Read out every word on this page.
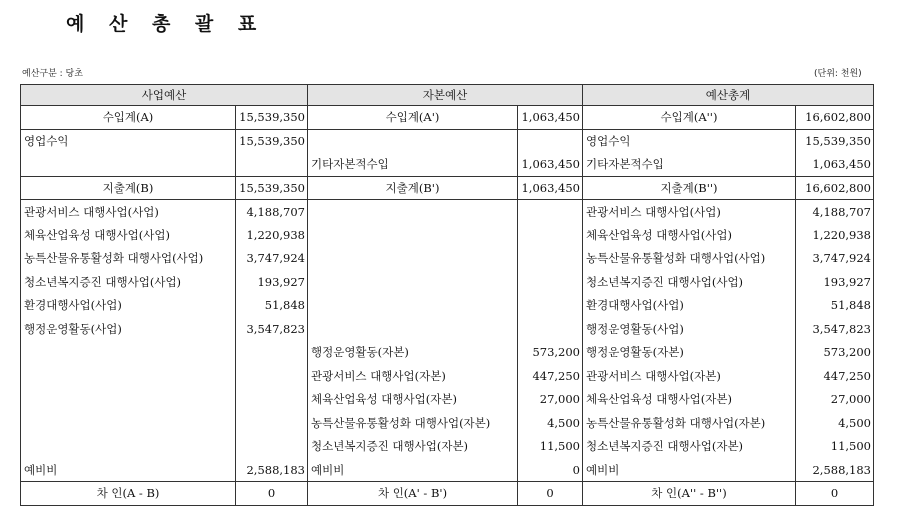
예 산 총 괄 표
예산구분 : 당초	(단위: 천원)
사업예산		자본예산		예산총계	
수입계(A)	15,539,350	수입계(A')	1,063,450	수입계(A'')	16,602,800
영업수익	15,539,350			영업수익	15,539,350
		기타자본적수입	1,063,450	기타자본적수입	1,063,450
지출계(B)	15,539,350	지출계(B')	1,063,450	지출계(B'')	16,602,800
관광서비스 대행사업(사업)	4,188,707			관광서비스 대행사업(사업)	4,188,707
체육산업육성 대행사업(사업)	1,220,938			체육산업육성 대행사업(사업)	1,220,938
농특산물유통활성화 대행사업(사업)	3,747,924			농특산물유통활성화 대행사업(사업)	3,747,924
청소년복지증진 대행사업(사업)	193,927			청소년복지증진 대행사업(사업)	193,927
환경대행사업(사업)	51,848			환경대행사업(사업)	51,848
행정운영활동(사업)	3,547,823			행정운영활동(사업)	3,547,823
		행정운영활동(자본)	573,200	행정운영활동(자본)	573,200
		관광서비스 대행사업(자본)	447,250	관광서비스 대행사업(자본)	447,250
		체육산업육성 대행사업(자본)	27,000	체육산업육성 대행사업(자본)	27,000
		농특산물유통활성화 대행사업(자본)	4,500	농특산물유통활성화 대행사업(자본)	4,500
		청소년복지증진 대행사업(자본)	11,500	청소년복지증진 대행사업(자본)	11,500
예비비	2,588,183	예비비	0	예비비	2,588,183
차 인(A - B)	0	차 인(A' - B')	0	차 인(A'' - B'')	0
